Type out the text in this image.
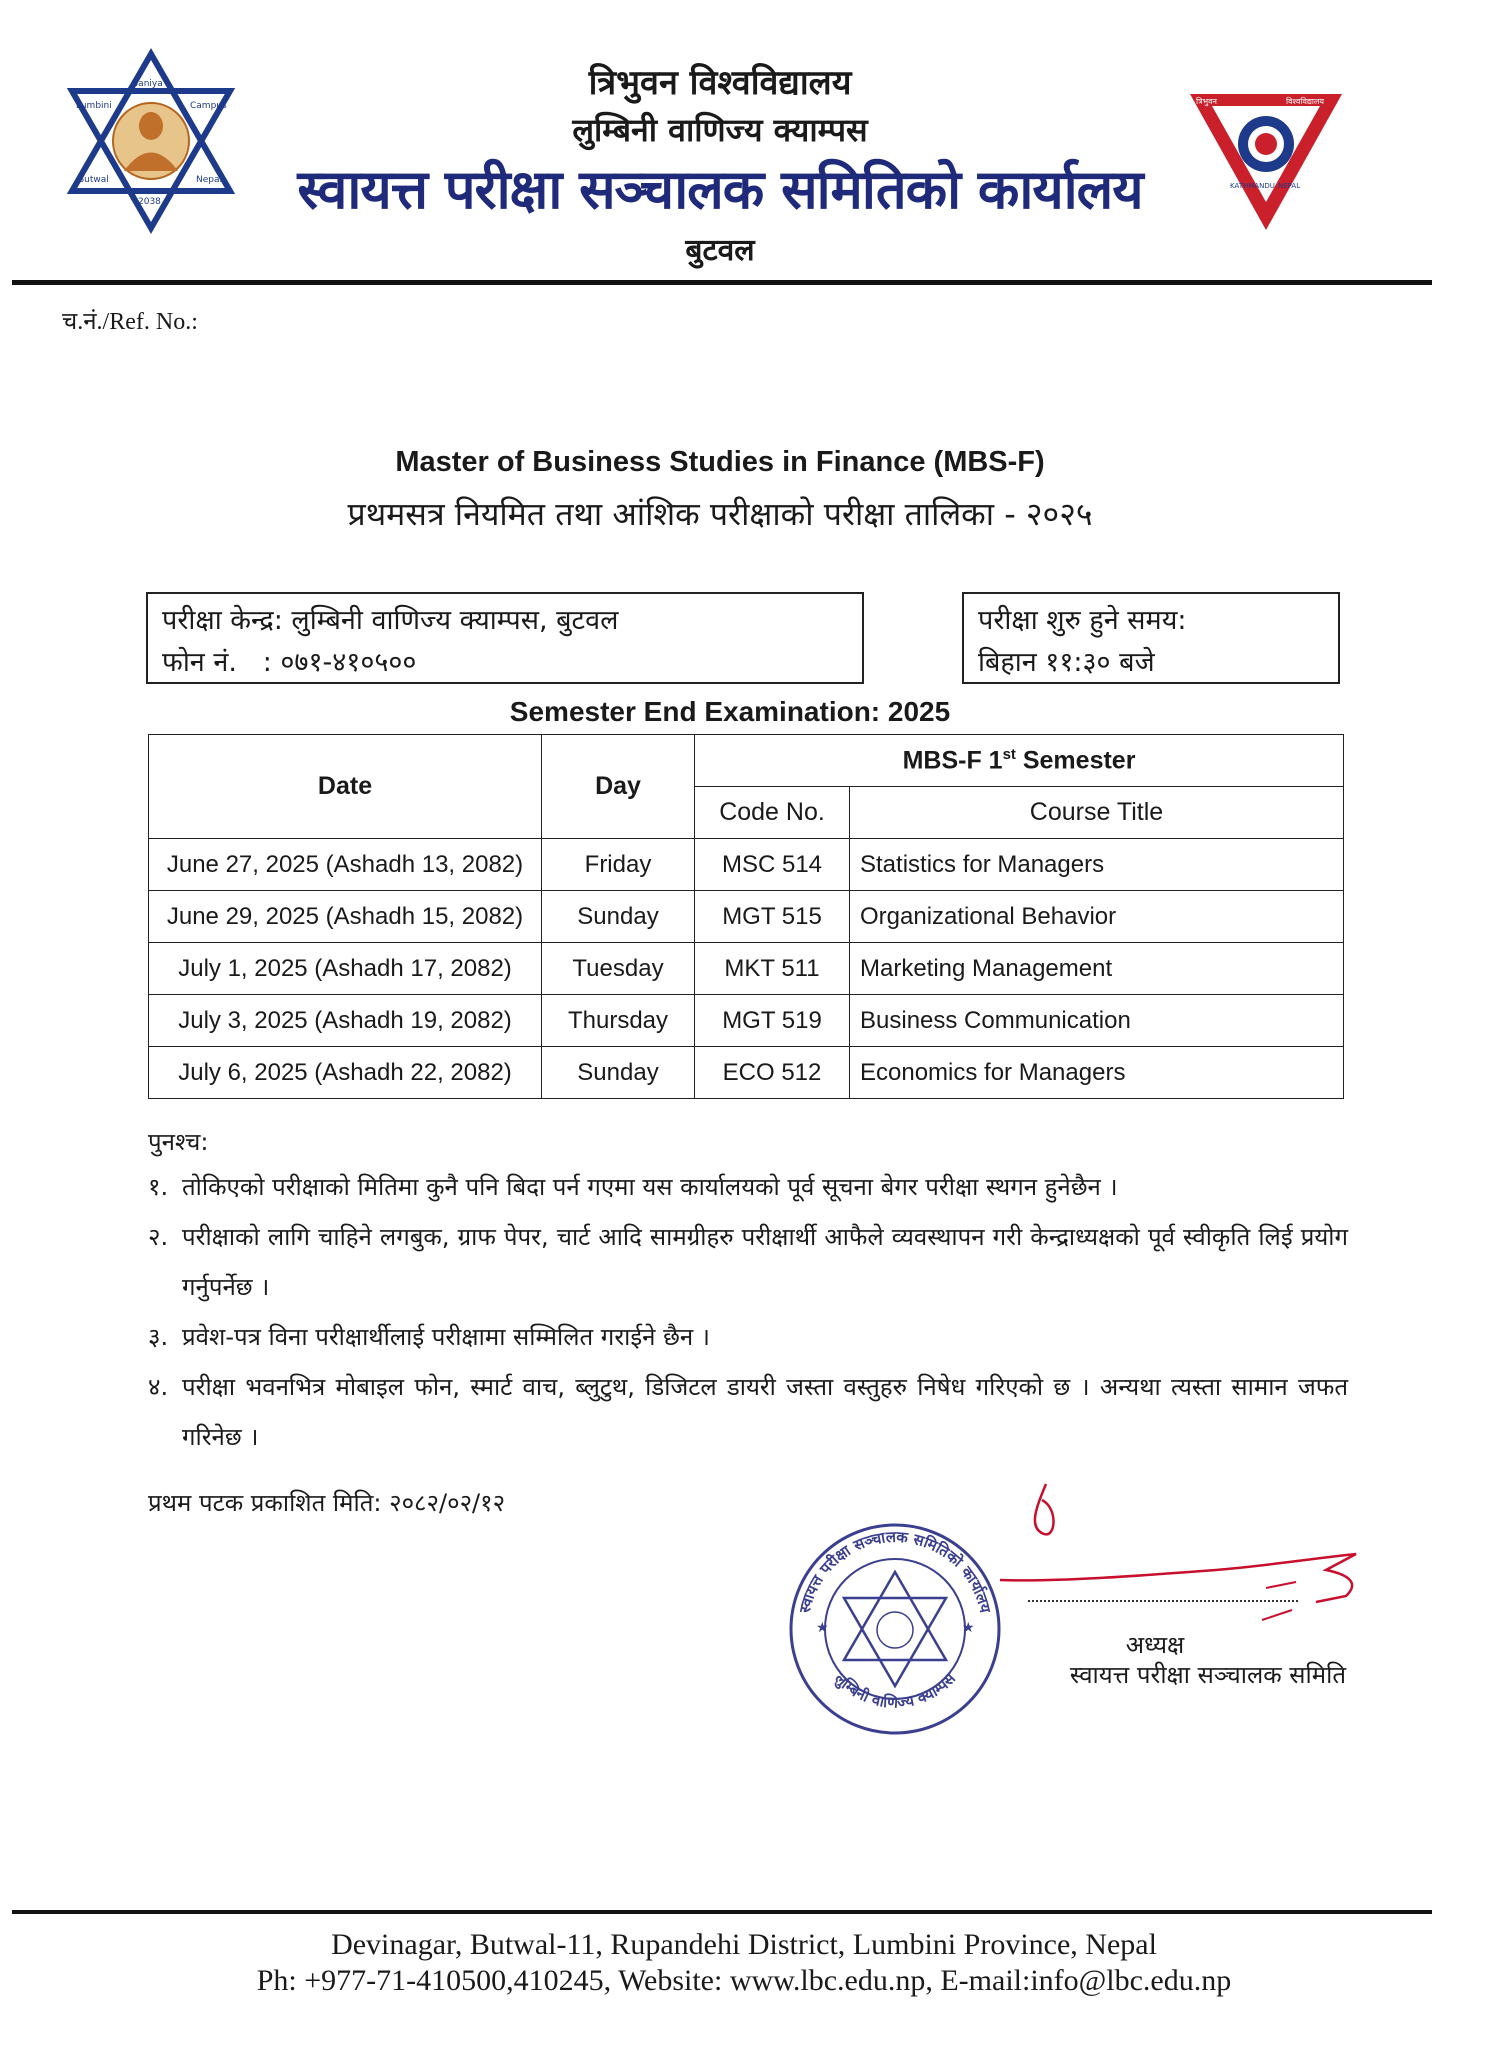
Baniya
Lumbini	Campus
Butwal	Nepal
2038
त्रिभुवन विश्वविद्यालय
लुम्बिनी वाणिज्य क्याम्पस
स्वायत्त परीक्षा सञ्चालक समितिको कार्यालय
बुटवल
त्रिभुवन	विश्वविद्यालय
KATHMANDU NEPAL
च.नं./Ref. No.:
Master of Business Studies in Finance (MBS-F)
प्रथमसत्र नियमित तथा आंशिक परीक्षाको परीक्षा तालिका - २०२५
परीक्षा केन्द्र: लुम्बिनी वाणिज्य क्याम्पस, बुटवल
फोन नं.   : ०७१-४१०५००
परीक्षा शुरु हुने समय:
बिहान ११:३० बजे
Semester End Examination: 2025
Date	Day	MBS-F 1st Semester	
		Code No.	Course Title
June 27, 2025 (Ashadh 13, 2082)	Friday	MSC 514	Statistics for Managers
June 29, 2025 (Ashadh 15, 2082)	Sunday	MGT 515	Organizational Behavior
July 1, 2025 (Ashadh 17, 2082)	Tuesday	MKT 511	Marketing Management
July 3, 2025 (Ashadh 19, 2082)	Thursday	MGT 519	Business Communication
July 6, 2025 (Ashadh 22, 2082)	Sunday	ECO 512	Economics for Managers
पुनश्च:
१. तोकिएको परीक्षाको मितिमा कुनै पनि बिदा पर्न गएमा यस कार्यालयको पूर्व सूचना बेगर परीक्षा स्थगन हुनेछैन ।
२. परीक्षाको लागि चाहिने लगबुक, ग्राफ पेपर, चार्ट आदि सामग्रीहरु परीक्षार्थी आफैले व्यवस्थापन गरी केन्द्राध्यक्षको पूर्व स्वीकृति लिई प्रयोग गर्नुपर्नेछ ।
३. प्रवेश-पत्र विना परीक्षार्थीलाई परीक्षामा सम्मिलित गराईने छैन ।
४. परीक्षा भवनभित्र मोबाइल फोन, स्मार्ट वाच, ब्लुटुथ, डिजिटल डायरी जस्ता वस्तुहरु निषेध गरिएको छ । अन्यथा त्यस्ता सामान जफत गरिनेछ ।
प्रथम पटक प्रकाशित मिति: २०८२/०२/१२
★	★
स्वायत्त परीक्षा सञ्चालक समितिको कार्यालय
लुम्बिनी वाणिज्य क्याम्पस
अध्यक्ष
स्वायत्त परीक्षा सञ्चालक समिति
Devinagar, Butwal-11, Rupandehi District, Lumbini Province, Nepal
Ph: +977-71-410500,410245, Website: www.lbc.edu.np, E-mail:info@lbc.edu.np
